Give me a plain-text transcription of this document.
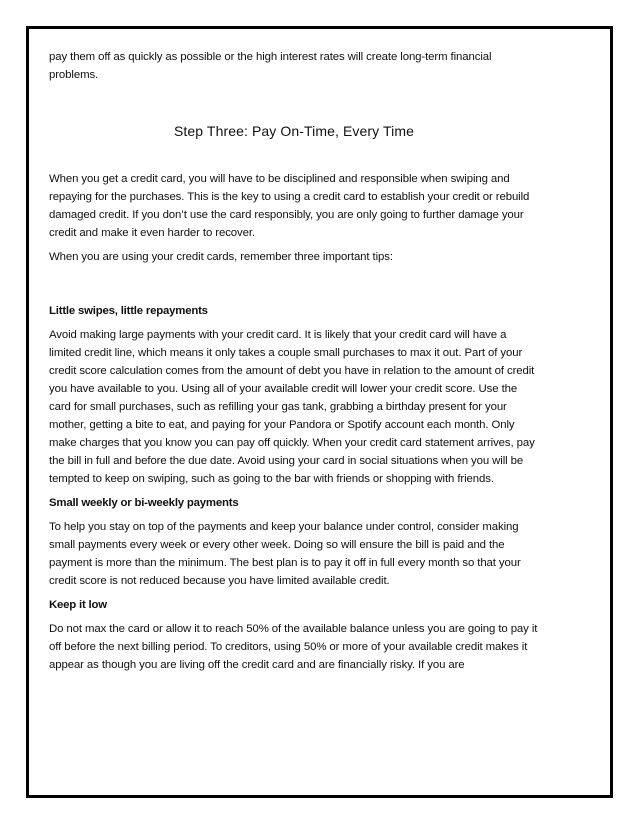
pay them off as quickly as possible or the high interest rates will create long-term financial problems.

Step Three: Pay On-Time, Every Time

When you get a credit card, you will have to be disciplined and responsible when swiping and repaying for the purchases. This is the key to using a credit card to establish your credit or rebuild damaged credit. If you don’t use the card responsibly, you are only going to further damage your credit and make it even harder to recover.

When you are using your credit cards, remember three important tips:

Little swipes, little repayments

Avoid making large payments with your credit card. It is likely that your credit card will have a limited credit line, which means it only takes a couple small purchases to max it out. Part of your credit score calculation comes from the amount of debt you have in relation to the amount of credit you have available to you. Using all of your available credit will lower your credit score. Use the card for small purchases, such as refilling your gas tank, grabbing a birthday present for your mother, getting a bite to eat, and paying for your Pandora or Spotify account each month. Only make charges that you know you can pay off quickly. When your credit card statement arrives, pay the bill in full and before the due date. Avoid using your card in social situations when you will be tempted to keep on swiping, such as going to the bar with friends or shopping with friends.

Small weekly or bi-weekly payments

To help you stay on top of the payments and keep your balance under control, consider making small payments every week or every other week. Doing so will ensure the bill is paid and the payment is more than the minimum. The best plan is to pay it off in full every month so that your credit score is not reduced because you have limited available credit.

Keep it low

Do not max the card or allow it to reach 50% of the available balance unless you are going to pay it off before the next billing period. To creditors, using 50% or more of your available credit makes it appear as though you are living off the credit card and are financially risky. If you are
